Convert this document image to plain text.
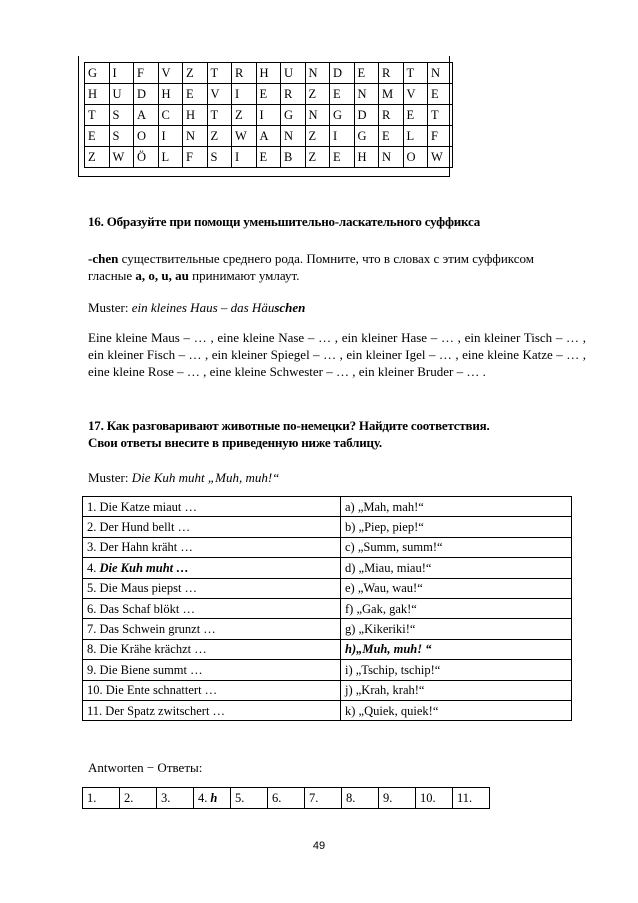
G	I	F	V	Z	T	R	H	U	N	D	E	R	T	N
H	U	D	H	E	V	I	E	R	Z	E	N	M	V	E
T	S	A	C	H	T	Z	I	G	N	G	D	R	E	T
E	S	O	I	N	Z	W	A	N	Z	I	G	E	L	F
Z	W	Ö	L	F	S	I	E	B	Z	E	H	N	O	W
16. Образуйте при помощи уменьшительно-ласкательного суффикса
-chen существительные среднего рода. Помните, что в словах с этим суффиксом гласные a, o, u, au принимают умлаут.
Muster: ein kleines Haus – das Häuschen
Eine kleine Maus – … , eine kleine Nase – … , ein kleiner Hase – … , ein kleiner Tisch – … , ein kleiner Fisch – … , ein kleiner Spiegel – … , ein kleiner Igel – … , eine kleine Katze – … , eine kleine Rose – … , eine kleine Schwester – … , ein kleiner Bruder – … .
17. Как разговаривают животные по-немецки? Найдите соответствия.
Свои ответы внесите в приведенную ниже таблицу.
Muster: Die Kuh muht „Muh, muh!“
1. Die Katze miaut …	a) „Mah, mah!“
2. Der Hund bellt …	b) „Piep, piep!“
3. Der Hahn kräht …	c) „Summ, summ!“
4. Die Kuh muht …	d) „Miau, miau!“
5. Die Maus piepst …	e) „Wau, wau!“
6. Das Schaf blökt …	f) „Gak, gak!“
7. Das Schwein grunzt …	g) „Kikeriki!“
8. Die Krähe krächzt …	h)„Muh, muh! “
9. Die Biene summt …	i) „Tschip, tschip!“
10. Die Ente schnattert …	j) „Krah, krah!“
11. Der Spatz zwitschert …	k) „Quiek, quiek!“
Antworten − Ответы:
1.	2.	3.	4. h	5.	6.	7.	8.	9.	10.	11.
49
